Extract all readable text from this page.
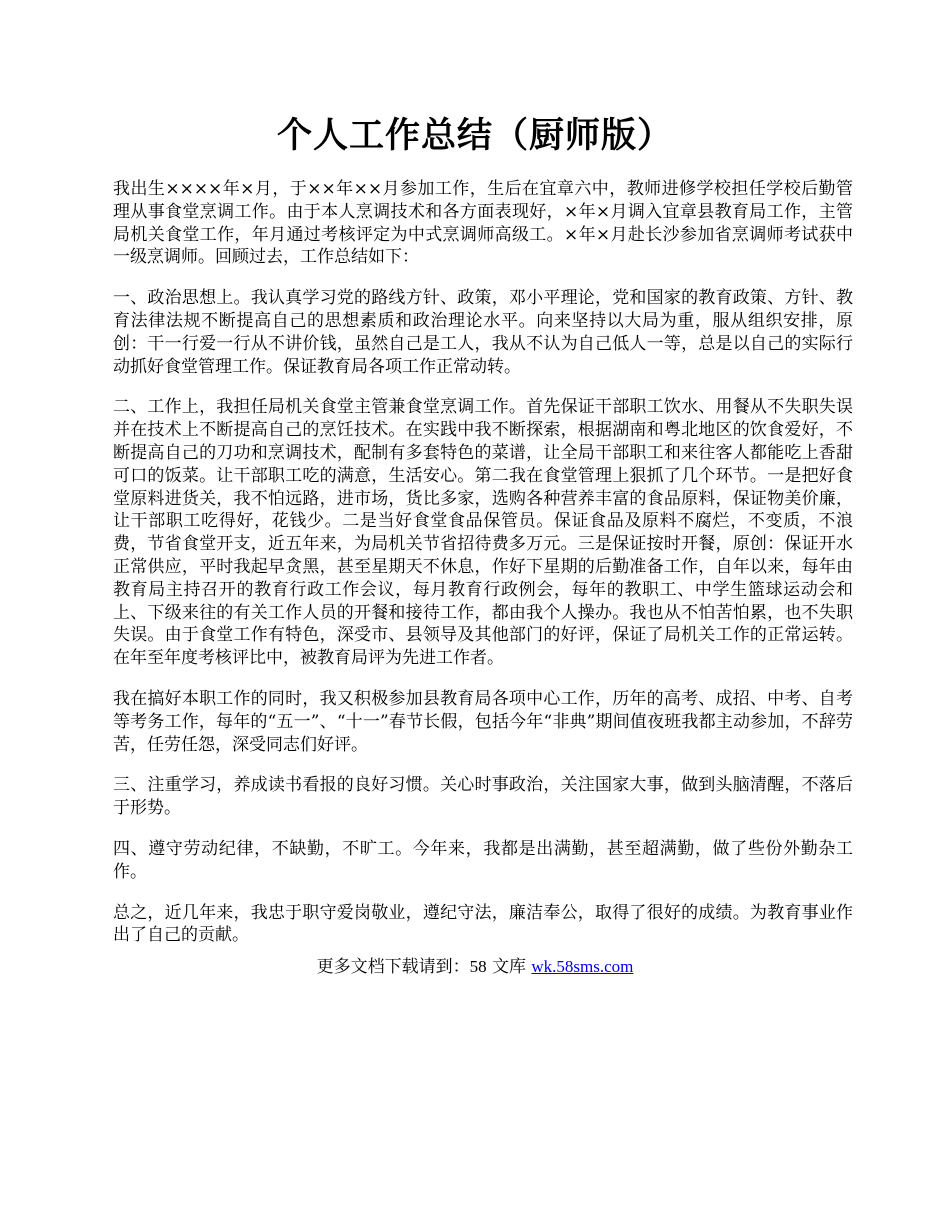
个人工作总结（厨师版）

我出生××××年×月，于××年××月参加工作，生后在宜章六中，教师进修学校担任学校后勤管理从事食堂烹调工作。由于本人烹调技术和各方面表现好，×年×月调入宜章县教育局工作，主管局机关食堂工作，年月通过考核评定为中式烹调师高级工。×年×月赴长沙参加省烹调师考试获中一级烹调师。回顾过去，工作总结如下：

一、政治思想上。我认真学习党的路线方针、政策，邓小平理论，党和国家的教育政策、方针、教育法律法规不断提高自己的思想素质和政治理论水平。向来坚持以大局为重，服从组织安排，原创：干一行爱一行从不讲价钱，虽然自己是工人，我从不认为自己低人一等，总是以自己的实际行动抓好食堂管理工作。保证教育局各项工作正常动转。

二、工作上，我担任局机关食堂主管兼食堂烹调工作。首先保证干部职工饮水、用餐从不失职失误并在技术上不断提高自己的烹饪技术。在实践中我不断探索，根据湖南和粤北地区的饮食爱好，不断提高自己的刀功和烹调技术，配制有多套特色的菜谱，让全局干部职工和来往客人都能吃上香甜可口的饭菜。让干部职工吃的满意，生活安心。第二我在食堂管理上狠抓了几个环节。一是把好食堂原料进货关，我不怕远路，进市场，货比多家，选购各种营养丰富的食品原料，保证物美价廉，让干部职工吃得好，花钱少。二是当好食堂食品保管员。保证食品及原料不腐烂，不变质，不浪费，节省食堂开支，近五年来，为局机关节省招待费多万元。三是保证按时开餐，原创：保证开水正常供应，平时我起早贪黑，甚至星期天不休息，作好下星期的后勤准备工作，自年以来，每年由教育局主持召开的教育行政工作会议，每月教育行政例会，每年的教职工、中学生篮球运动会和上、下级来往的有关工作人员的开餐和接待工作，都由我个人操办。我也从不怕苦怕累，也不失职失误。由于食堂工作有特色，深受市、县领导及其他部门的好评，保证了局机关工作的正常运转。在年至年度考核评比中，被教育局评为先进工作者。

我在搞好本职工作的同时，我又积极参加县教育局各项中心工作，历年的高考、成招、中考、自考等考务工作，每年的“五一”、“十一”春节长假，包括今年“非典”期间值夜班我都主动参加，不辞劳苦，任劳任怨，深受同志们好评。

三、注重学习，养成读书看报的良好习惯。关心时事政治，关注国家大事，做到头脑清醒，不落后于形势。

四、遵守劳动纪律，不缺勤，不旷工。今年来，我都是出满勤，甚至超满勤，做了些份外勤杂工作。

总之，近几年来，我忠于职守爱岗敬业，遵纪守法，廉洁奉公，取得了很好的成绩。为教育事业作出了自己的贡献。

更多文档下载请到：58 文库 wk.58sms.com
